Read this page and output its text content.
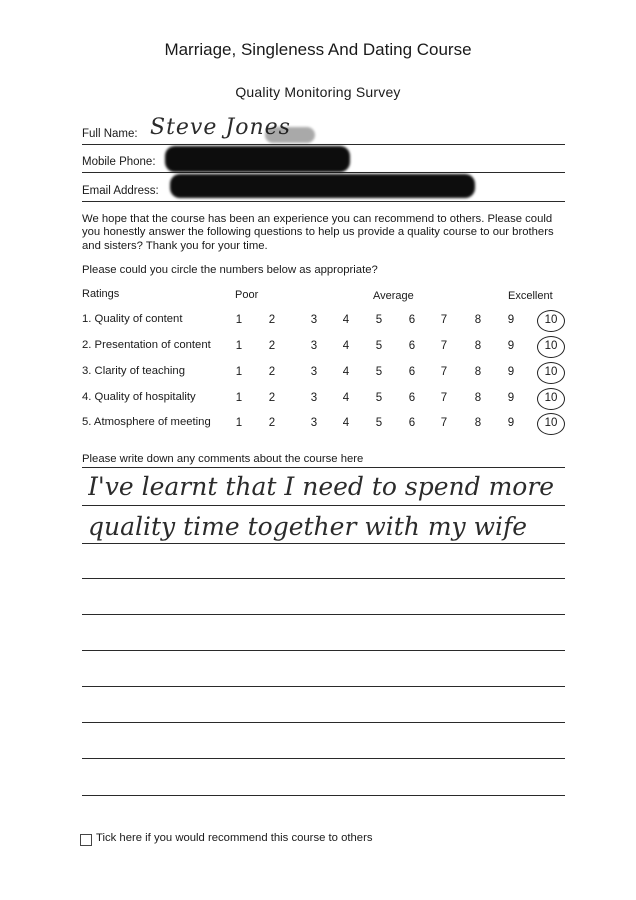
Marriage, Singleness And Dating Course
Quality Monitoring Survey
Full Name: Steve Jones
Mobile Phone:
Email Address:
We hope that the course has been an experience you can recommend to others. Please could you honestly answer the following questions to help us provide a quality course to our brothers and sisters? Thank you for your time.
Please could you circle the numbers below as appropriate?
Ratings	Poor	Average	Excellent
1. Quality of content	1	2	3	4	5	6	7	8	9	10
2. Presentation of content	1	2	3	4	5	6	7	8	9	10
3. Clarity of teaching	1	2	3	4	5	6	7	8	9	10
4. Quality of hospitality	1	2	3	4	5	6	7	8	9	10
5. Atmosphere of meeting	1	2	3	4	5	6	7	8	9	10
Please write down any comments about the course here
I've learnt that I need to spend more
quality time together with my wife
Tick here if you would recommend this course to others
